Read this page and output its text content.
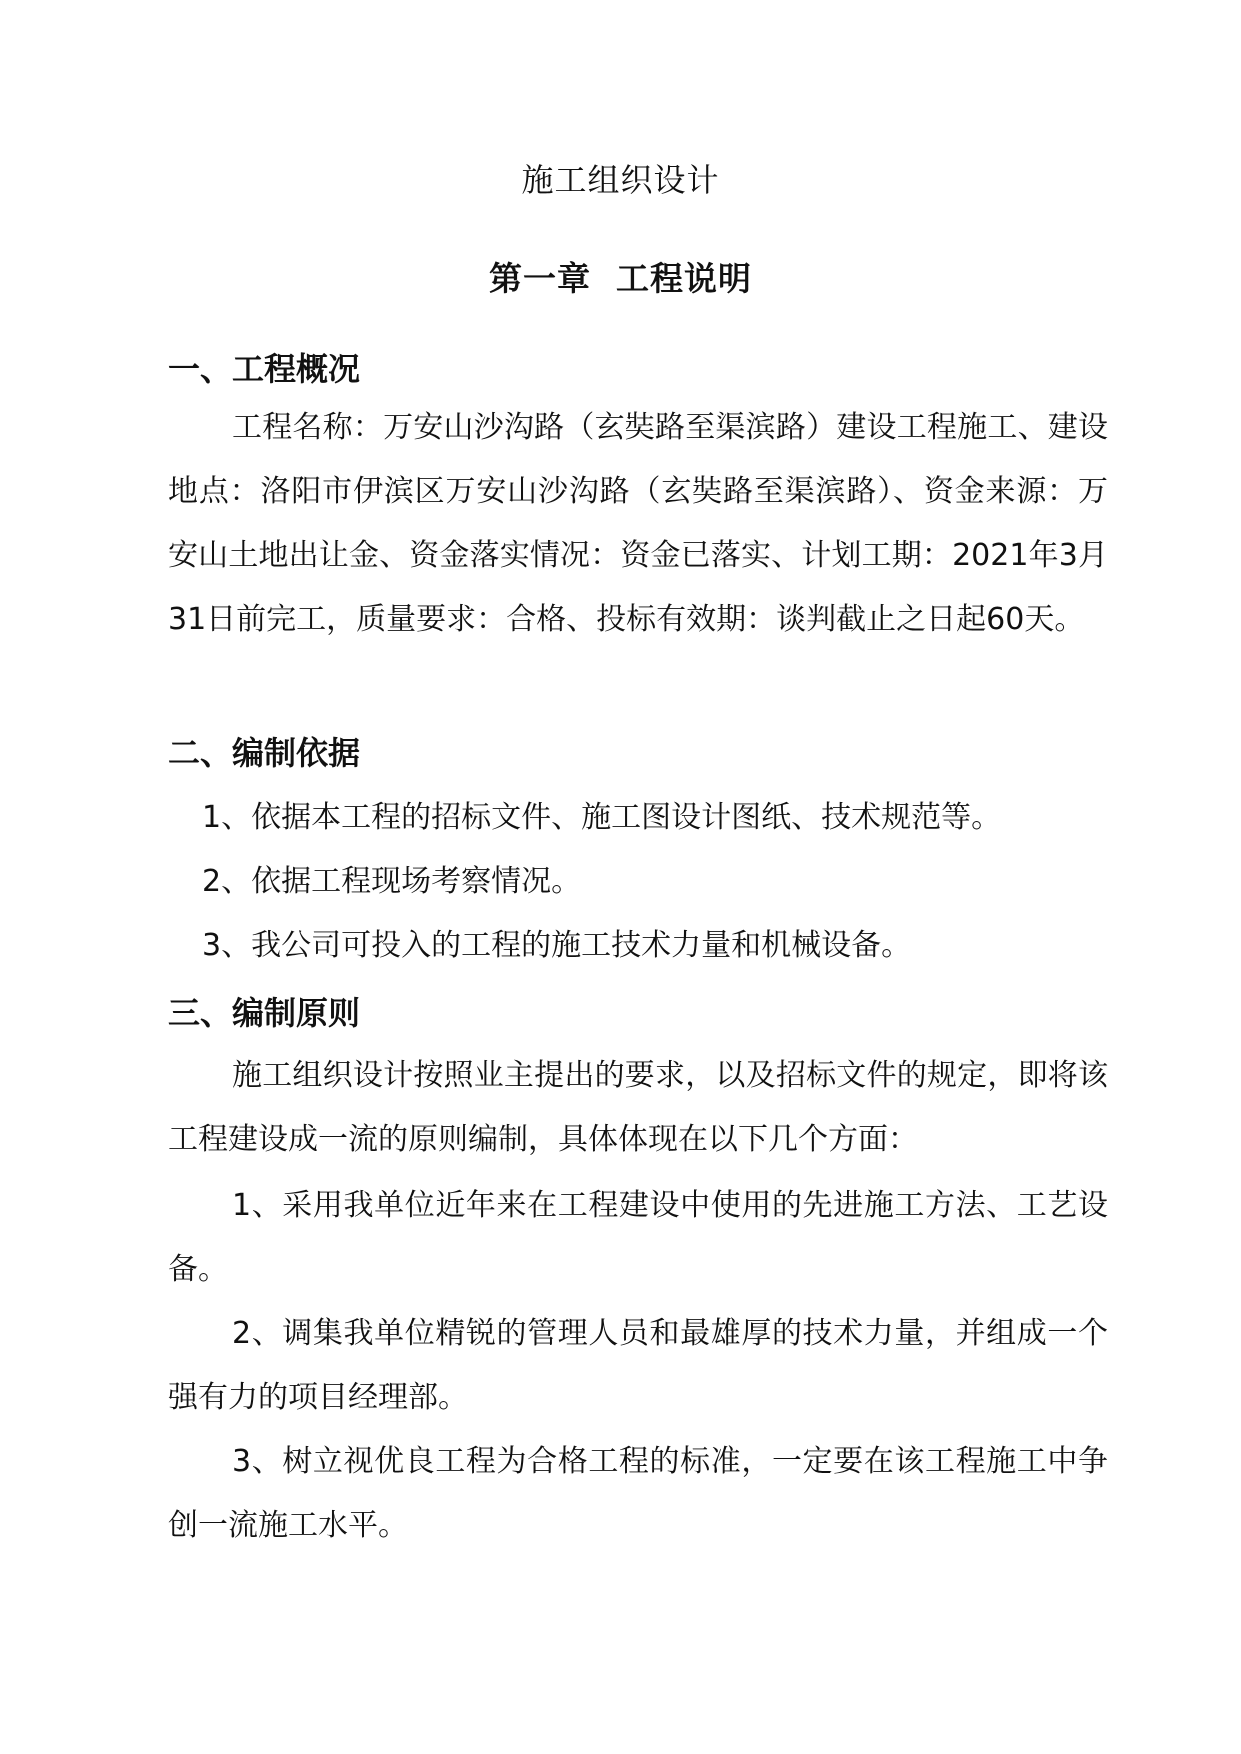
施工组织设计
第一章  工程说明
一、工程概况
工程名称：万安山沙沟路（玄奘路至渠滨路）建设工程施工、建设地点：洛阳市伊滨区万安山沙沟路（玄奘路至渠滨路）、资金来源：万安山土地出让金、资金落实情况：资金已落实、计划工期：2021年3月31日前完工，质量要求：合格、投标有效期：谈判截止之日起60天。
二、编制依据
1、依据本工程的招标文件、施工图设计图纸、技术规范等。
2、依据工程现场考察情况。
3、我公司可投入的工程的施工技术力量和机械设备。
三、编制原则
施工组织设计按照业主提出的要求，以及招标文件的规定，即将该工程建设成一流的原则编制，具体体现在以下几个方面：
1、采用我单位近年来在工程建设中使用的先进施工方法、工艺设备。
2、调集我单位精锐的管理人员和最雄厚的技术力量，并组成一个强有力的项目经理部。
3、树立视优良工程为合格工程的标准，一定要在该工程施工中争创一流施工水平。
